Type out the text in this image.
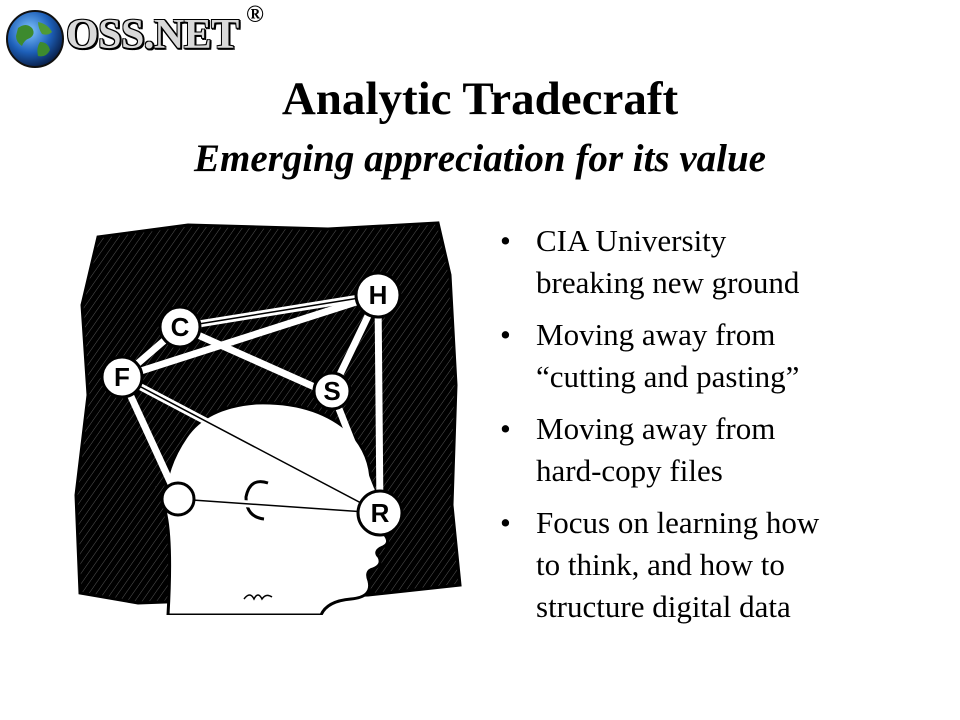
OSS.NET ®
Analytic Tradecraft
Emerging appreciation for its value
H
C
F	S
R
• CIA University
breaking new ground
• Moving away from
“cutting and pasting”
• Moving away from
hard-copy files
• Focus on learning how
to think, and how to
structure digital data
